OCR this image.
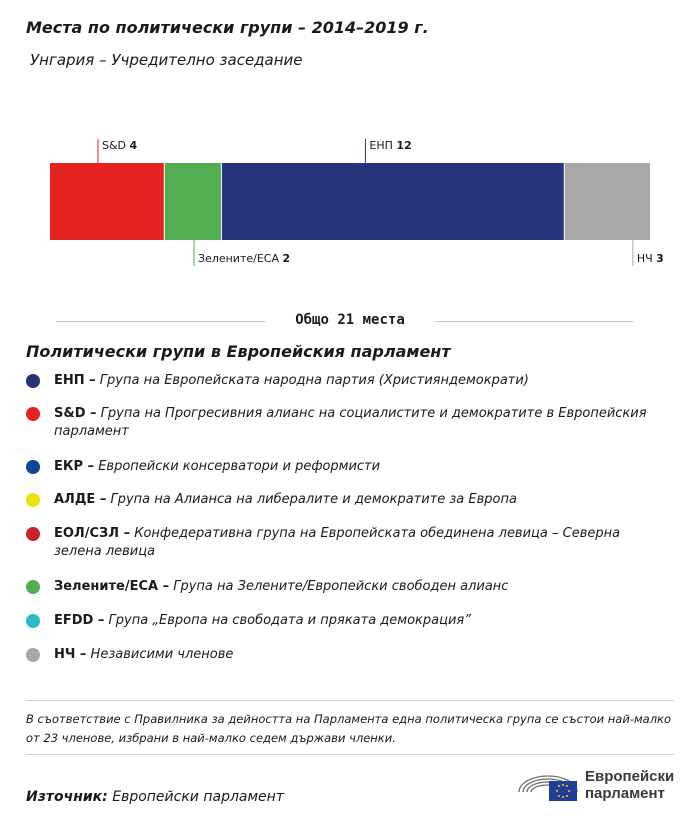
Места по политически групи – 2014–2019 г.
Унгария – Учредително заседание
S&D 4
Зелените/ЕСА 2
ЕНП 12
НЧ 3
Общо 21 места
Политически групи в Европейския парламент
ЕНП – Група на Европейската народна партия (Християндемократи)
S&D – Група на Прогресивния алианс на социалистите и демократите в Европейския парламент
ЕКР – Европейски консерватори и реформисти
АЛДЕ – Група на Алианса на либералите и демократите за Европа
ЕОЛ/СЗЛ – Конфедеративна група на Европейската обединена левица – Северна зелена левица
Зелените/ЕСА – Група на Зелените/Европейски свободен алианс
EFDD – Група „Европа на свободата и пряката демокрация”
НЧ – Независими членове
В съответствие с Правилника за дейността на Парламента една политическа група се състои най-малко от 23 членове, избрани в най-малко седем държави членки.
Източник: Европейски парламент
Европейски
парламент
